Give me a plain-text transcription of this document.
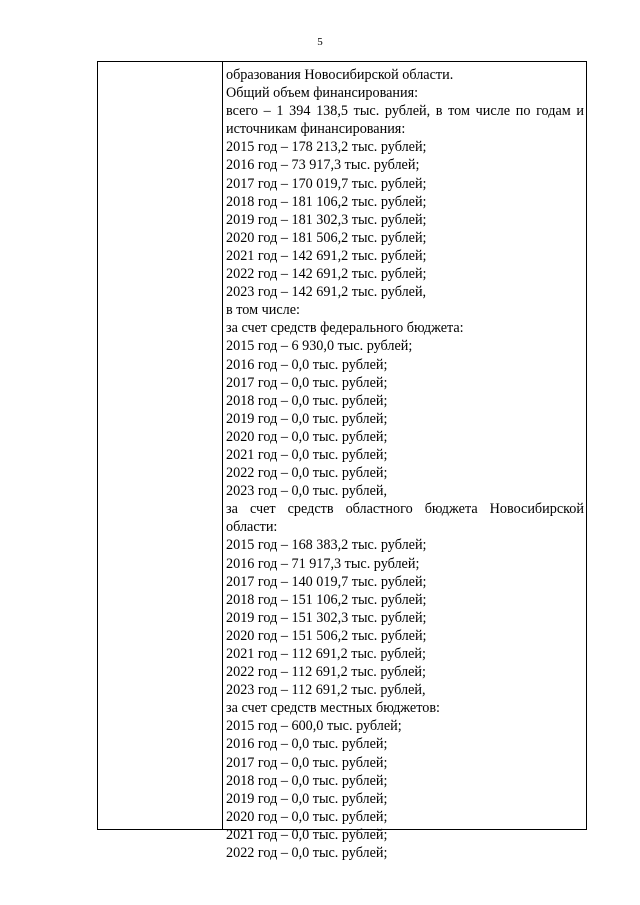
5
образования Новосибирской области.
Общий объем финансирования:
всего – 1 394 138,5 тыс. рублей, в том числе по годам и
источникам финансирования:
2015 год – 178 213,2 тыс. рублей;
2016 год – 73 917,3 тыс. рублей;
2017 год – 170 019,7 тыс. рублей;
2018 год – 181 106,2 тыс. рублей;
2019 год – 181 302,3 тыс. рублей;
2020 год – 181 506,2 тыс. рублей;
2021 год – 142 691,2 тыс. рублей;
2022 год – 142 691,2 тыс. рублей;
2023 год – 142 691,2 тыс. рублей,
в том числе:
за счет средств федерального бюджета:
2015 год – 6 930,0 тыс. рублей;
2016 год – 0,0 тыс. рублей;
2017 год – 0,0 тыс. рублей;
2018 год – 0,0 тыс. рублей;
2019 год – 0,0 тыс. рублей;
2020 год – 0,0 тыс. рублей;
2021 год – 0,0 тыс. рублей;
2022 год – 0,0 тыс. рублей;
2023 год – 0,0 тыс. рублей,
за счет средств областного бюджета Новосибирской
области:
2015 год – 168 383,2 тыс. рублей;
2016 год – 71 917,3 тыс. рублей;
2017 год – 140 019,7 тыс. рублей;
2018 год – 151 106,2 тыс. рублей;
2019 год – 151 302,3 тыс. рублей;
2020 год – 151 506,2 тыс. рублей;
2021 год – 112 691,2 тыс. рублей;
2022 год – 112 691,2 тыс. рублей;
2023 год – 112 691,2 тыс. рублей,
за счет средств местных бюджетов:
2015 год – 600,0 тыс. рублей;
2016 год – 0,0 тыс. рублей;
2017 год – 0,0 тыс. рублей;
2018 год – 0,0 тыс. рублей;
2019 год – 0,0 тыс. рублей;
2020 год – 0,0 тыс. рублей;
2021 год – 0,0 тыс. рублей;
2022 год – 0,0 тыс. рублей;
